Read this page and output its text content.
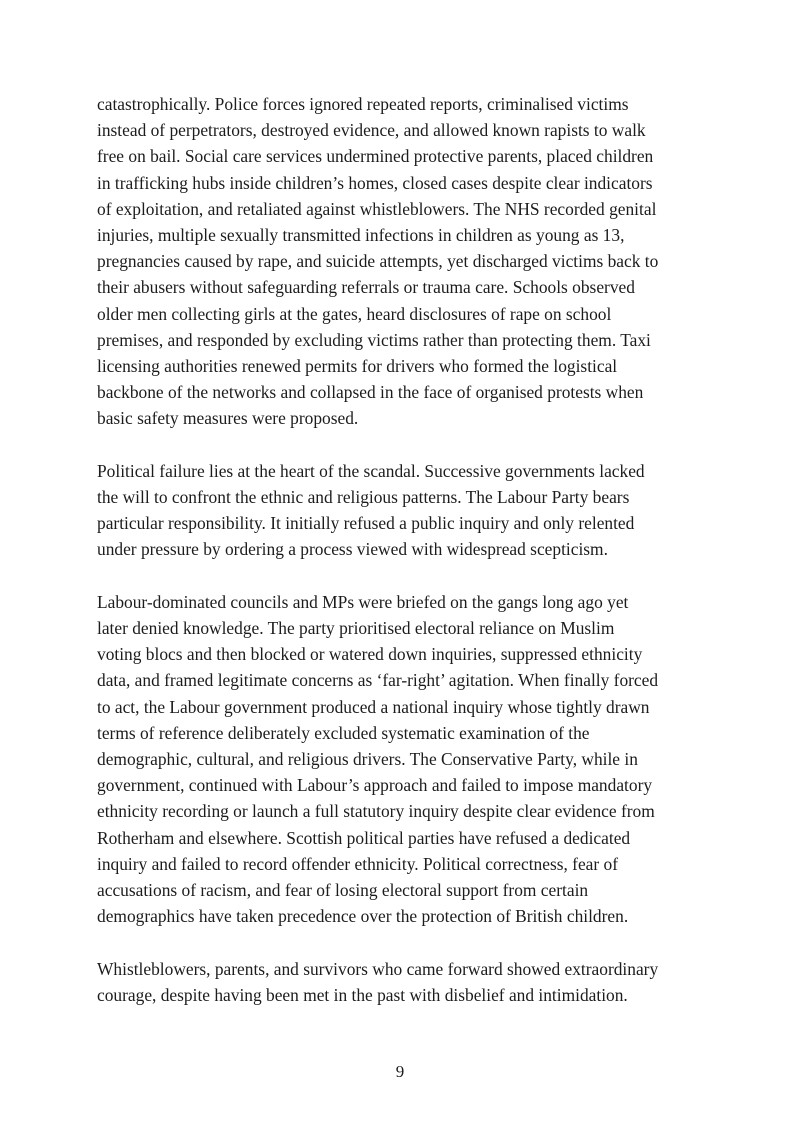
catastrophically. Police forces ignored repeated reports, criminalised victims
instead of perpetrators, destroyed evidence, and allowed known rapists to walk
free on bail. Social care services undermined protective parents, placed children
in trafficking hubs inside children’s homes, closed cases despite clear indicators
of exploitation, and retaliated against whistleblowers. The NHS recorded genital
injuries, multiple sexually transmitted infections in children as young as 13,
pregnancies caused by rape, and suicide attempts, yet discharged victims back to
their abusers without safeguarding referrals or trauma care. Schools observed
older men collecting girls at the gates, heard disclosures of rape on school
premises, and responded by excluding victims rather than protecting them. Taxi
licensing authorities renewed permits for drivers who formed the logistical
backbone of the networks and collapsed in the face of organised protests when
basic safety measures were proposed.

Political failure lies at the heart of the scandal. Successive governments lacked
the will to confront the ethnic and religious patterns. The Labour Party bears
particular responsibility. It initially refused a public inquiry and only relented
under pressure by ordering a process viewed with widespread scepticism.

Labour-dominated councils and MPs were briefed on the gangs long ago yet
later denied knowledge. The party prioritised electoral reliance on Muslim
voting blocs and then blocked or watered down inquiries, suppressed ethnicity
data, and framed legitimate concerns as ‘far-right’ agitation. When finally forced
to act, the Labour government produced a national inquiry whose tightly drawn
terms of reference deliberately excluded systematic examination of the
demographic, cultural, and religious drivers. The Conservative Party, while in
government, continued with Labour’s approach and failed to impose mandatory
ethnicity recording or launch a full statutory inquiry despite clear evidence from
Rotherham and elsewhere. Scottish political parties have refused a dedicated
inquiry and failed to record offender ethnicity. Political correctness, fear of
accusations of racism, and fear of losing electoral support from certain
demographics have taken precedence over the protection of British children.

Whistleblowers, parents, and survivors who came forward showed extraordinary
courage, despite having been met in the past with disbelief and intimidation.

9
